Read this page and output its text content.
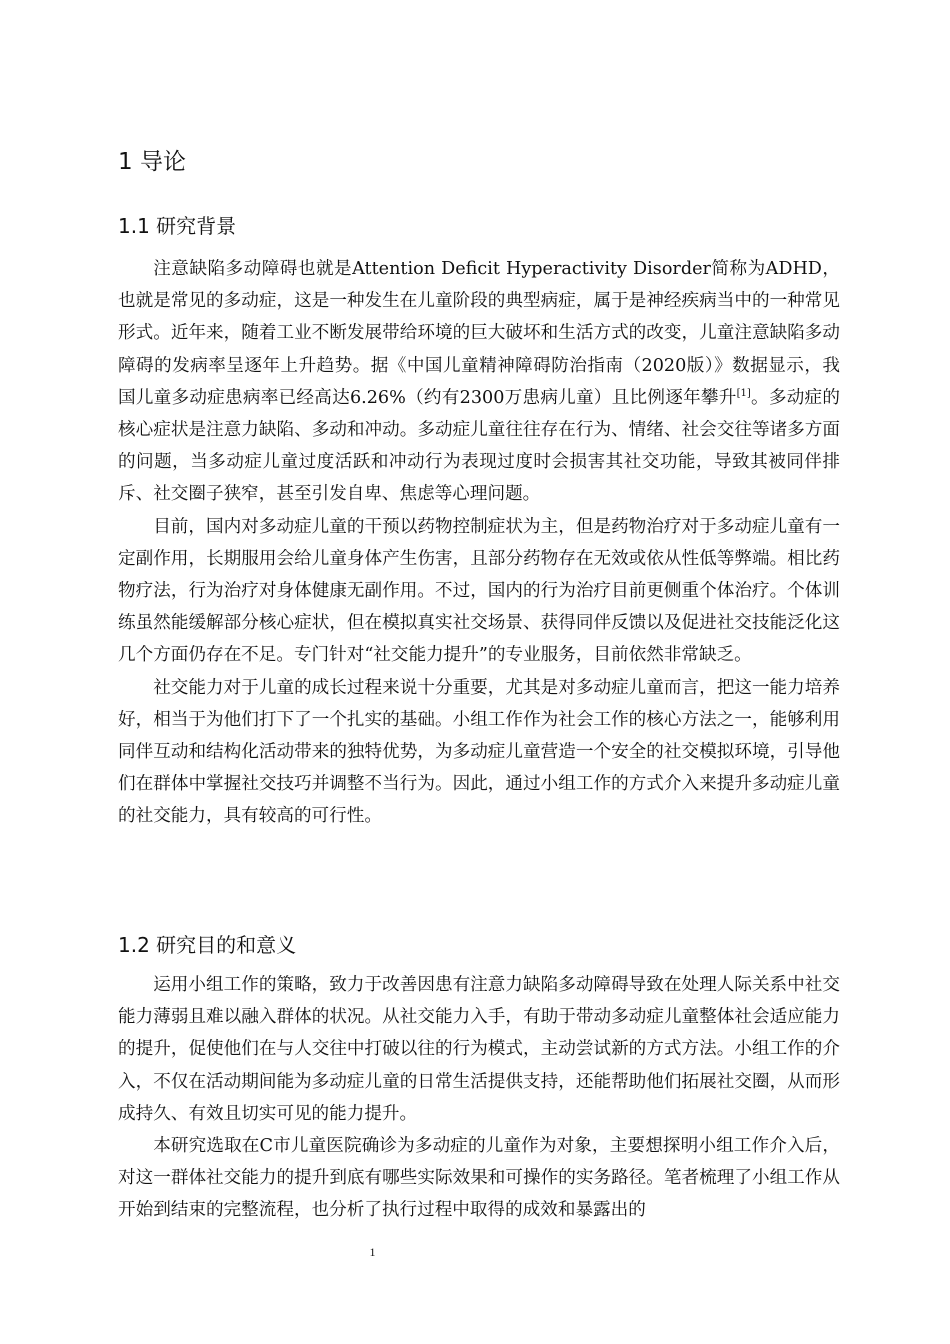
1 导论
1.1 研究背景

注意缺陷多动障碍也就是Attention Deficit Hyperactivity Disorder简称为ADHD，也就是常见的多动症，这是一种发生在儿童阶段的典型病症，属于是神经疾病当中的一种常见形式。近年来，随着工业不断发展带给环境的巨大破坏和生活方式的改变，儿童注意缺陷多动障碍的发病率呈逐年上升趋势。据《中国儿童精神障碍防治指南（2020版）》数据显示，我国儿童多动症患病率已经高达6.26%（约有2300万患病儿童）且比例逐年攀升[1]。多动症的核心症状是注意力缺陷、多动和冲动。多动症儿童往往存在行为、情绪、社会交往等诸多方面的问题，当多动症儿童过度活跃和冲动行为表现过度时会损害其社交功能，导致其被同伴排斥、社交圈子狭窄，甚至引发自卑、焦虑等心理问题。

目前，国内对多动症儿童的干预以药物控制症状为主，但是药物治疗对于多动症儿童有一定副作用，长期服用会给儿童身体产生伤害，且部分药物存在无效或依从性低等弊端。相比药物疗法，行为治疗对身体健康无副作用。不过，国内的行为治疗目前更侧重个体治疗。个体训练虽然能缓解部分核心症状，但在模拟真实社交场景、获得同伴反馈以及促进社交技能泛化这几个方面仍存在不足。专门针对“社交能力提升”的专业服务，目前依然非常缺乏。

社交能力对于儿童的成长过程来说十分重要，尤其是对多动症儿童而言，把这一能力培养好，相当于为他们打下了一个扎实的基础。小组工作作为社会工作的核心方法之一，能够利用同伴互动和结构化活动带来的独特优势，为多动症儿童营造一个安全的社交模拟环境，引导他们在群体中掌握社交技巧并调整不当行为。因此，通过小组工作的方式介入来提升多动症儿童的社交能力，具有较高的可行性。

1.2 研究目的和意义

运用小组工作的策略，致力于改善因患有注意力缺陷多动障碍导致在处理人际关系中社交能力薄弱且难以融入群体的状况。从社交能力入手，有助于带动多动症儿童整体社会适应能力的提升，促使他们在与人交往中打破以往的行为模式，主动尝试新的方式方法。小组工作的介入，不仅在活动期间能为多动症儿童的日常生活提供支持，还能帮助他们拓展社交圈，从而形成持久、有效且切实可见的能力提升。

本研究选取在C市儿童医院确诊为多动症的儿童作为对象，主要想探明小组工作介入后，对这一群体社交能力的提升到底有哪些实际效果和可操作的实务路径。笔者梳理了小组工作从开始到结束的完整流程，也分析了执行过程中取得的成效和暴露出的

1
